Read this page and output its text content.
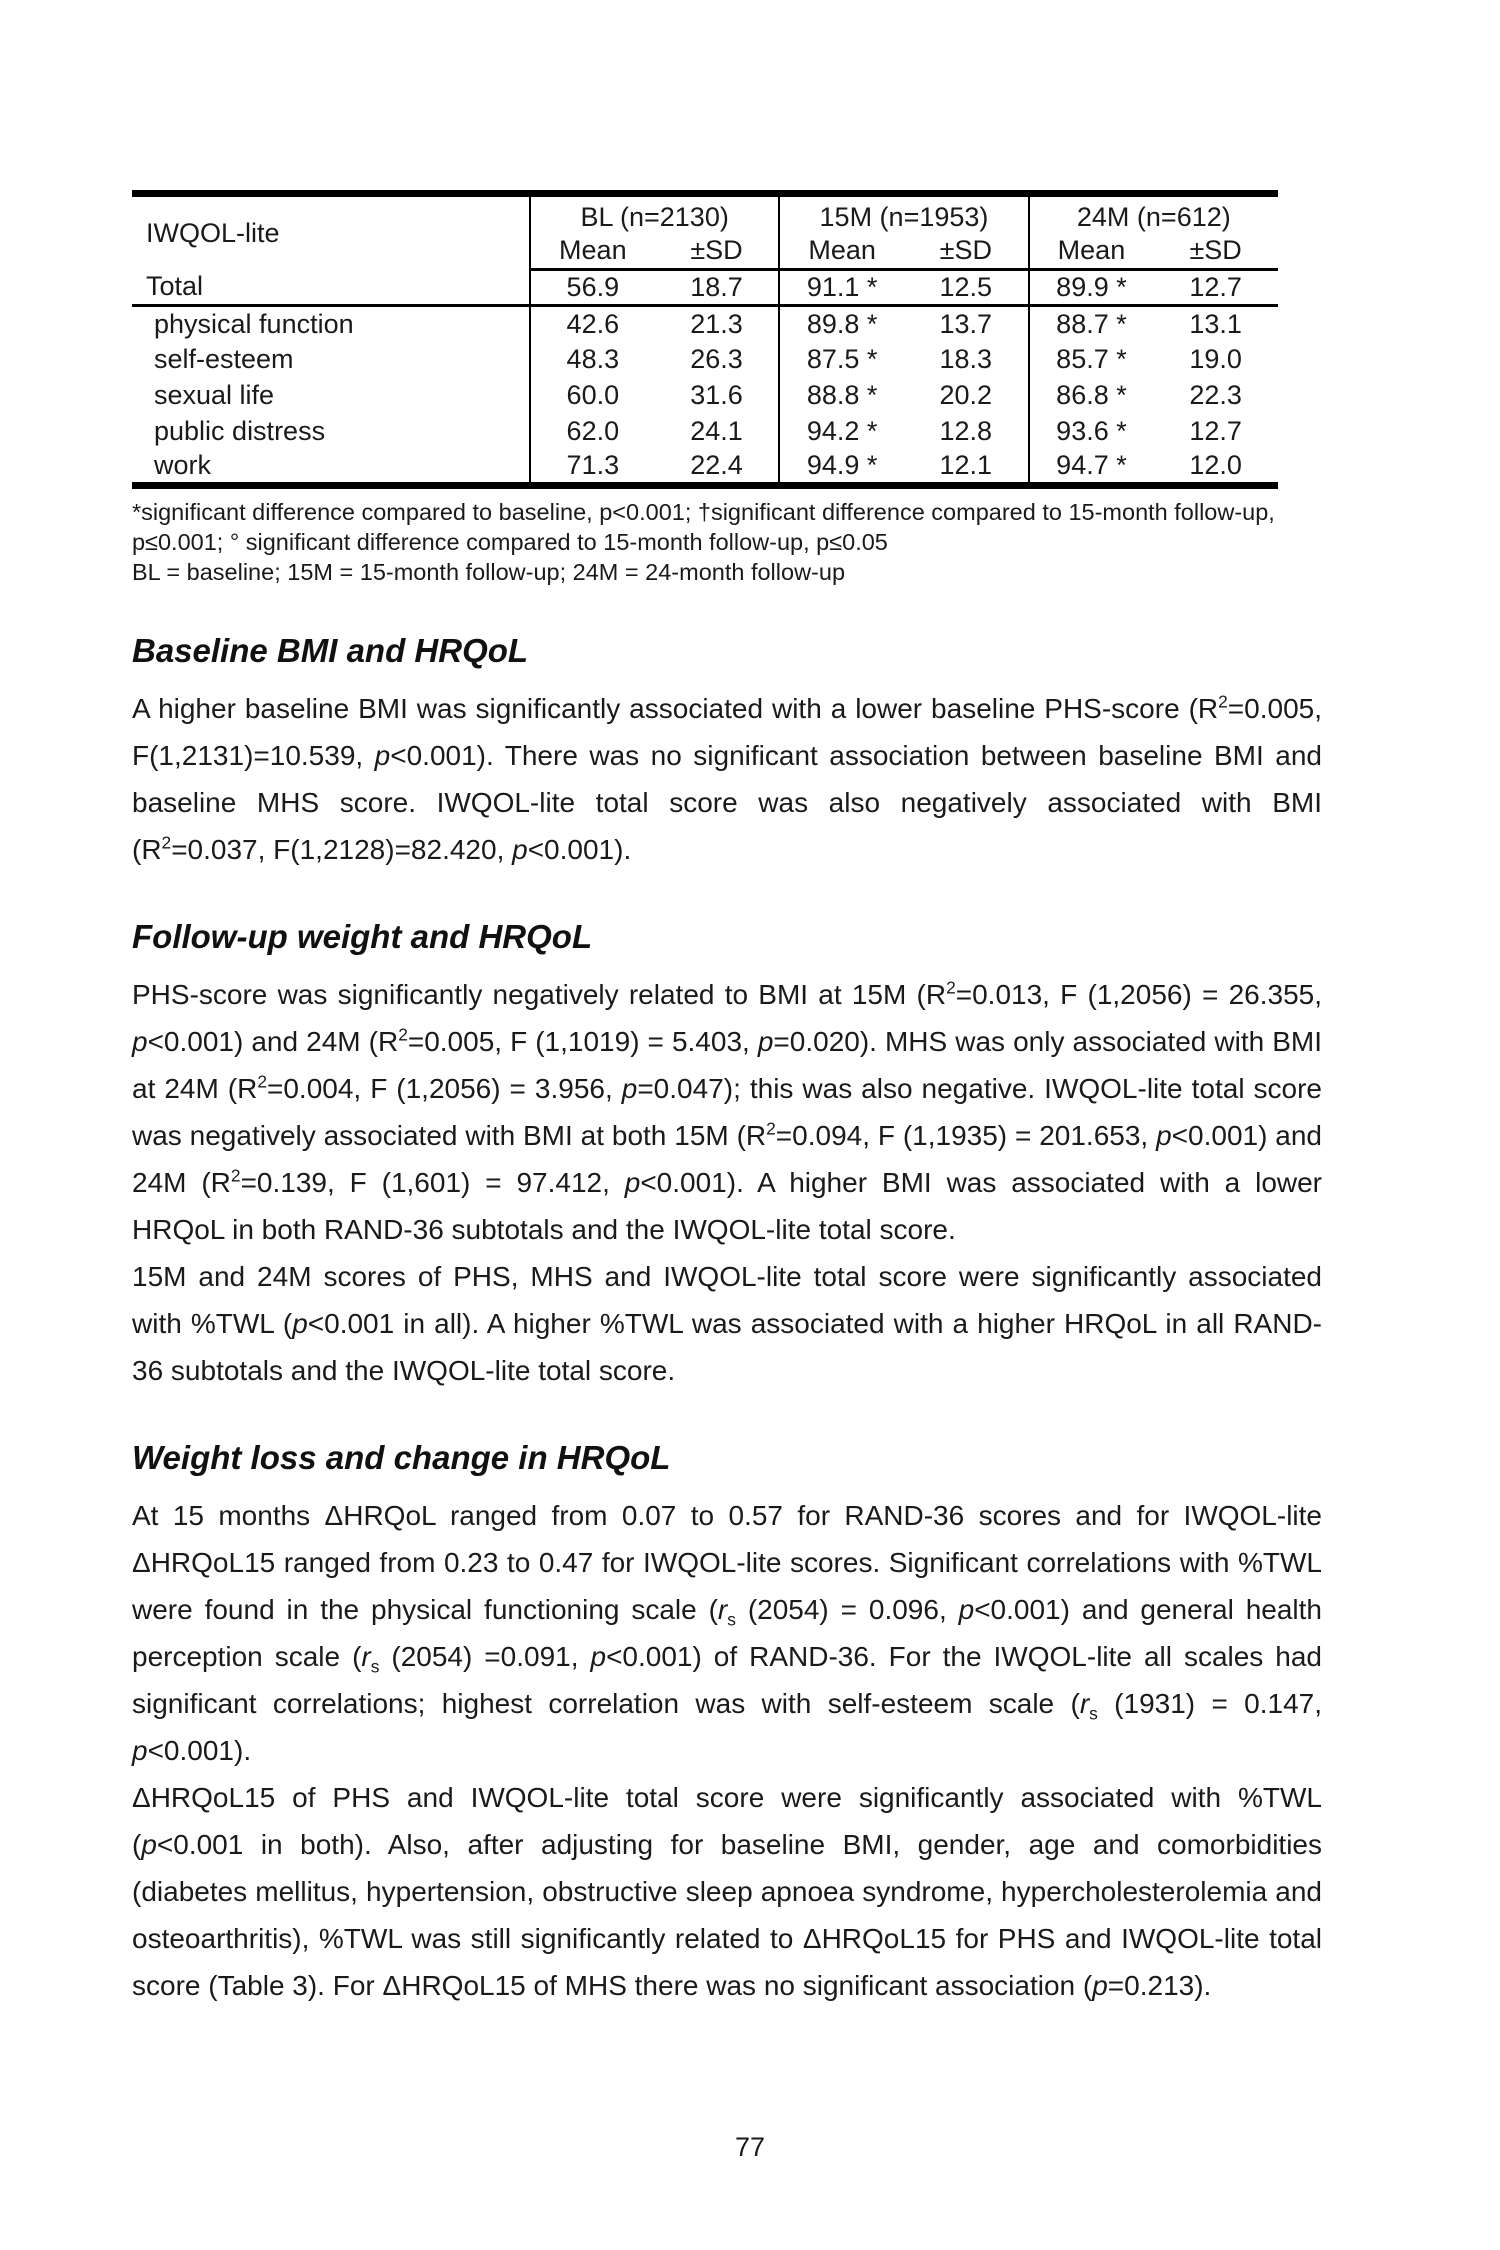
IWQOL-lite	BL (n=2130)		15M (n=1953)		24M (n=612)	
	Mean	±SD	Mean	±SD	Mean	±SD
Total	56.9	18.7	91.1 *	12.5	89.9 *	12.7
physical function	42.6	21.3	89.8 *	13.7	88.7 *	13.1
self-esteem	48.3	26.3	87.5 *	18.3	85.7 *	19.0
sexual life	60.0	31.6	88.8 *	20.2	86.8 *	22.3
public distress	62.0	24.1	94.2 *	12.8	93.6 *	12.7
work	71.3	22.4	94.9 *	12.1	94.7 *	12.0
*significant difference compared to baseline, p<0.001; †significant difference compared to 15-month follow-up, p≤0.001; ° significant difference compared to 15-month follow-up, p≤0.05
BL = baseline; 15M = 15-month follow-up; 24M = 24-month follow-up
Baseline BMI and HRQoL

A higher baseline BMI was significantly associated with a lower baseline PHS-score ($R^2=0.005$, F(1,2131)=10.539, p<0.001). There was no significant association between baseline BMI and baseline MHS score. IWQOL-lite total score was also negatively associated with BMI ($R^2=0.037$, F(1,2128)=82.420, p<0.001).

Follow-up weight and HRQoL

PHS-score was significantly negatively related to BMI at 15M ($R^2=0.013$, F (1,2056) = 26.355, p<0.001) and 24M ($R^2=0.005$, F (1,1019) = 5.403, p=0.020). MHS was only associated with BMI at 24M ($R^2=0.004$, F (1,2056) = 3.956, p=0.047); this was also negative. IWQOL-lite total score was negatively associated with BMI at both 15M ($R^2=0.094$, F (1,1935) = 201.653, p<0.001) and 24M ($R^2=0.139$, F (1,601) = 97.412, p<0.001). A higher BMI was associated with a lower HRQoL in both RAND-36 subtotals and the IWQOL-lite total score.

15M and 24M scores of PHS, MHS and IWQOL-lite total score were significantly associated with %TWL (p<0.001 in all). A higher %TWL was associated with a higher HRQoL in all RAND-36 subtotals and the IWQOL-lite total score.

Weight loss and change in HRQoL

At 15 months ΔHRQoL ranged from 0.07 to 0.57 for RAND-36 scores and for IWQOL-lite ΔHRQoL15 ranged from 0.23 to 0.47 for IWQOL-lite scores. Significant correlations with %TWL were found in the physical functioning scale ($r_s$ (2054) = 0.096, p<0.001) and general health perception scale ($r_s$ (2054) =0.091, p<0.001) of RAND-36. For the IWQOL-lite all scales had significant correlations; highest correlation was with self-esteem scale ($r_s$ (1931) = 0.147, p<0.001).

ΔHRQoL15 of PHS and IWQOL-lite total score were significantly associated with %TWL (p<0.001 in both). Also, after adjusting for baseline BMI, gender, age and comorbidities (diabetes mellitus, hypertension, obstructive sleep apnoea syndrome, hypercholesterolemia and osteoarthritis), %TWL was still significantly related to ΔHRQoL15 for PHS and IWQOL-lite total score (Table 3). For ΔHRQoL15 of MHS there was no significant association (p=0.213).

77
